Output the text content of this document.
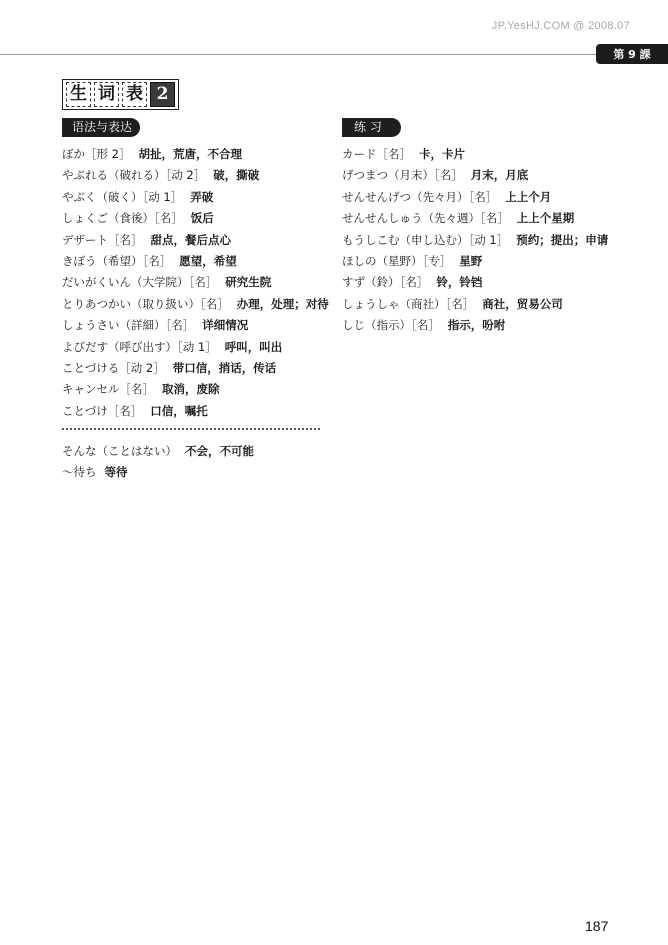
JP.YesHJ.COM @ 2008.07
第 9 課
生 词 表 2
语法与表达	练 习
ぼか［形 2］ 胡扯，荒唐，不合理
やぶれる（破れる）［动 2］ 破，撕破
やぶく（破く）［动 1］ 弄破
しょくご（食後）［名］ 饭后
デザート［名］ 甜点，餐后点心
きぼう（希望）［名］ 愿望，希望
だいがくいん（大学院）［名］ 研究生院
とりあつかい（取り扱い）［名］ 办理，处理；对待
しょうさい（詳細）［名］ 详细情况
よびだす（呼び出す）［动 1］ 呼叫，叫出
ことづける［动 2］ 带口信，捎话，传话
キャンセル［名］ 取消，废除
ことづけ［名］ 口信，嘱托
そんな（ことはない） 不会，不可能
～待ち 等待
カード［名］ 卡，卡片
げつまつ（月末）［名］ 月末，月底
せんせんげつ（先々月）［名］ 上上个月
せんせんしゅう（先々週）［名］ 上上个星期
もうしこむ（申し込む）［动 1］ 预约；提出；申请
ほしの（星野）［专］ 星野
すず（鈴）［名］ 铃，铃铛
しょうしゃ（商社）［名］ 商社，贸易公司
しじ（指示）［名］ 指示，吩咐
187
